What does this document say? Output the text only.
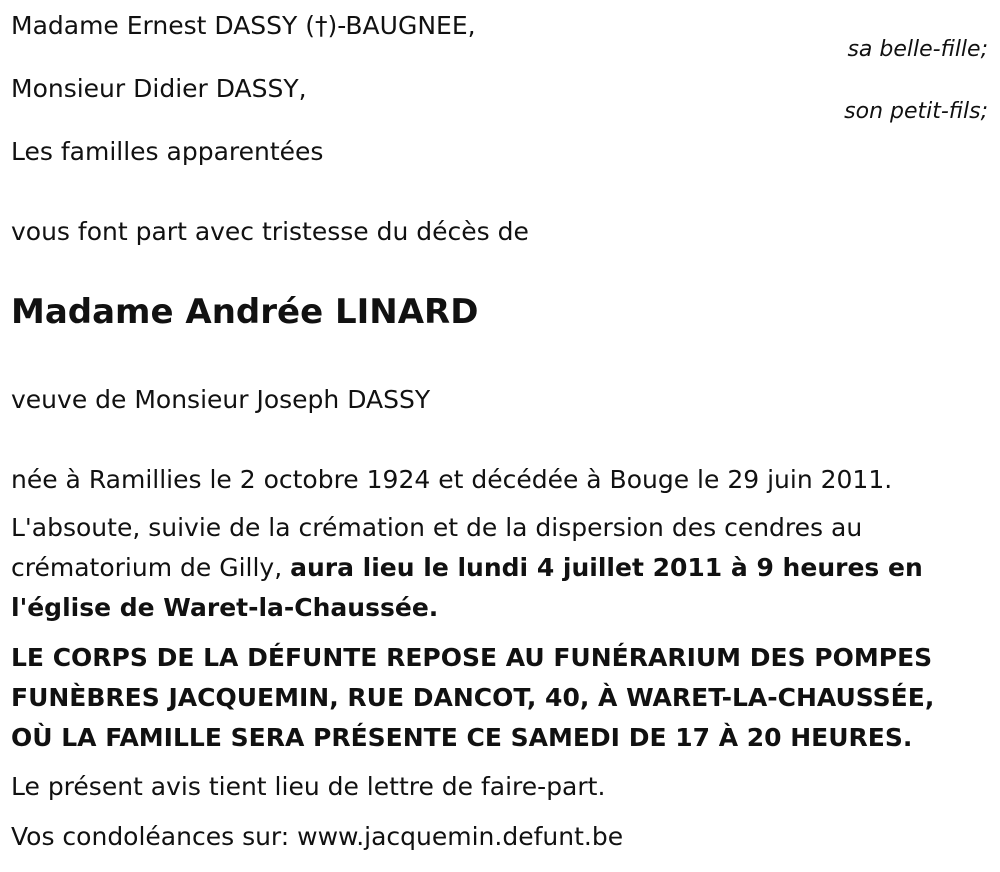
Madame Ernest DASSY (†)-BAUGNEE,
sa belle-fille;
Monsieur Didier DASSY,
son petit-fils;
Les familles apparentées
vous font part avec tristesse du décès de
Madame Andrée LINARD
veuve de Monsieur Joseph DASSY
née à Ramillies le 2 octobre 1924 et décédée à Bouge le 29 juin 2011.
L'absoute, suivie de la crémation et de la dispersion des cendres au crématorium de Gilly, aura lieu le lundi 4 juillet 2011 à 9 heures en l'église de Waret-la-Chaussée.
LE CORPS DE LA DÉFUNTE REPOSE AU FUNÉRARIUM DES POMPES FUNÈBRES JACQUEMIN, RUE DANCOT, 40, À WARET-LA-CHAUSSÉE, OÙ LA FAMILLE SERA PRÉSENTE CE SAMEDI DE 17 À 20 HEURES.
Le présent avis tient lieu de lettre de faire-part.
Vos condoléances sur: www.jacquemin.defunt.be
